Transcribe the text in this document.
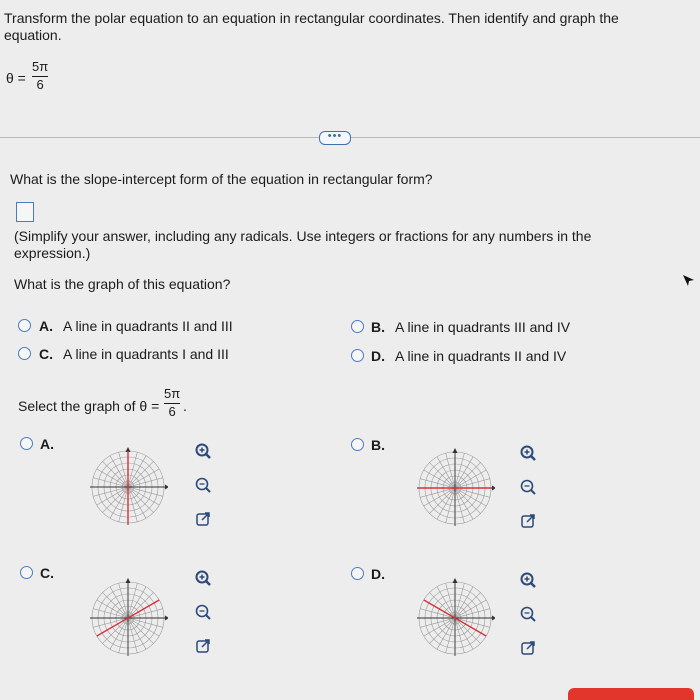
Transform the polar equation to an equation in rectangular coordinates. Then identify and graph the equation.
θ =
5π
6
•••
What is the slope-intercept form of the equation in rectangular form?
(Simplify your answer, including any radicals. Use integers or fractions for any numbers in the expression.)
What is the graph of this equation?
A. A line in quadrants II and III	B. A line in quadrants III and IV
C. A line in quadrants I and III	D. A line in quadrants II and IV
Select the graph of θ =
5π
6 .
A.	B.
C.	D.
